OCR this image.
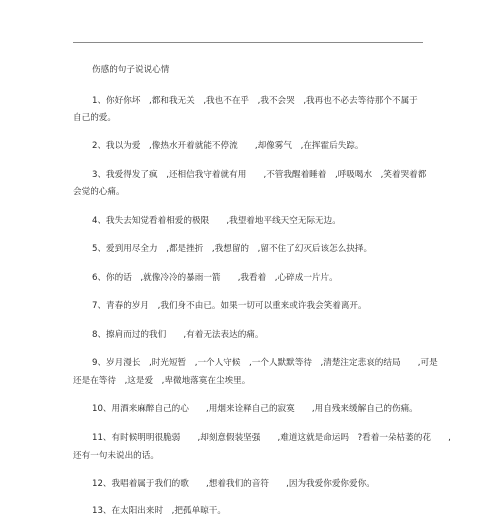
伤感的句子说说心情
1、你好你坏　,都和我无关　,我也不在乎　,我不会哭　,我再也不必去等待那个不属于
自己的爱。
2、我以为爱　,像热水开着就能不停流　　,却像雾气　,在挥霍后失踪。
3、我爱得发了疯　,还相信我守着就有用　　,不管我醒着睡着　,呼吸喝水　,笑着哭着都
会觉的心痛。
4、我失去知觉看着相爱的极限　　,我望着地平线天空无际无边。
5、爱到用尽全力　,都是挫折　,我想留的　,留不住了幻灭后该怎么抉择。
6、你的话　,就像冷冷的暴雨一箭　　,我看着　,心碎成一片片。
7、青春的岁月　,我们身不由已。如果一切可以重来或许我会笑着离开。
8、擦肩而过的我们　　,有着无法表达的痛。
9、岁月漫长　,时光短暂　,一个人守候　,一个人默默等待　,清楚注定悲哀的结局　　,可是
还是在等待　,这是爱　,卑微地落寞在尘埃里。
10、用酒来麻醉自己的心　　,用烟来诠释自己的寂寞　　,用自残来缓解自己的伤痛。
11、有时候明明很脆弱　　,却刻意假装坚强　　,难道这就是命运吗　?看着一朵枯萎的花　　,
还有一句未说出的话。
12、我唱着属于我们的歌　　,想着我们的音符　　,因为我爱你爱你爱你。
13、在太阳出来时　,把孤单晾干。
